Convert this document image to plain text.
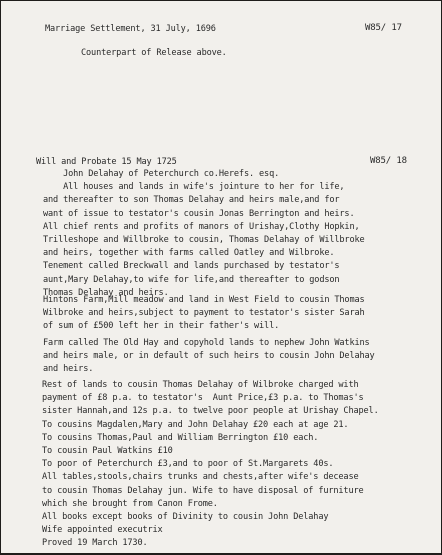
Marriage Settlement, 31 July, 1696	W85/ 17
Counterpart of Release above.
Will and Probate 15 May 1725	W85/ 18
John Delahay of Peterchurch co.Herefs. esq.
All houses and lands in wife's jointure to her for life,
and thereafter to son Thomas Delahay and heirs male,and for
want of issue to testator's cousin Jonas Berrington and heirs.
All chief rents and profits of manors of Urishay,Clothy Hopkin,
Trilleshope and Willbroke to cousin, Thomas Delahay of Willbroke
and heirs, together with farms called Oatley and Wilbroke.
Tenement called Breckwall and lands purchased by testator's
aunt,Mary Delahay,to wife for life,and thereafter to godson
Thomas Delahay and heirs.
Hintons Farm,Mill meadow and land in West Field to cousin Thomas
Wilbroke and heirs,subject to payment to testator's sister Sarah
of sum of £500 left her in their father's will.
Farm called The Old Hay and copyhold lands to nephew John Watkins
and heirs male, or in default of such heirs to cousin John Delahay
and heirs.
Rest of lands to cousin Thomas Delahay of Wilbroke charged with
payment of £8 p.a. to testator's  Aunt Price,£3 p.a. to Thomas's
sister Hannah,and 12s p.a. to twelve poor people at Urishay Chapel.
To cousins Magdalen,Mary and John Delahay £20 each at age 21.
To cousins Thomas,Paul and William Berrington £10 each.
To cousin Paul Watkins £10
To poor of Peterchurch £3,and to poor of St.Margarets 40s.
All tables,stools,chairs trunks and chests,after wife's decease
to cousin Thomas Delahay jun. Wife to have disposal of furniture
which she brought from Canon Frome.
All books except books of Divinity to cousin John Delahay
Wife appointed executrix
Proved 19 March 1730.
